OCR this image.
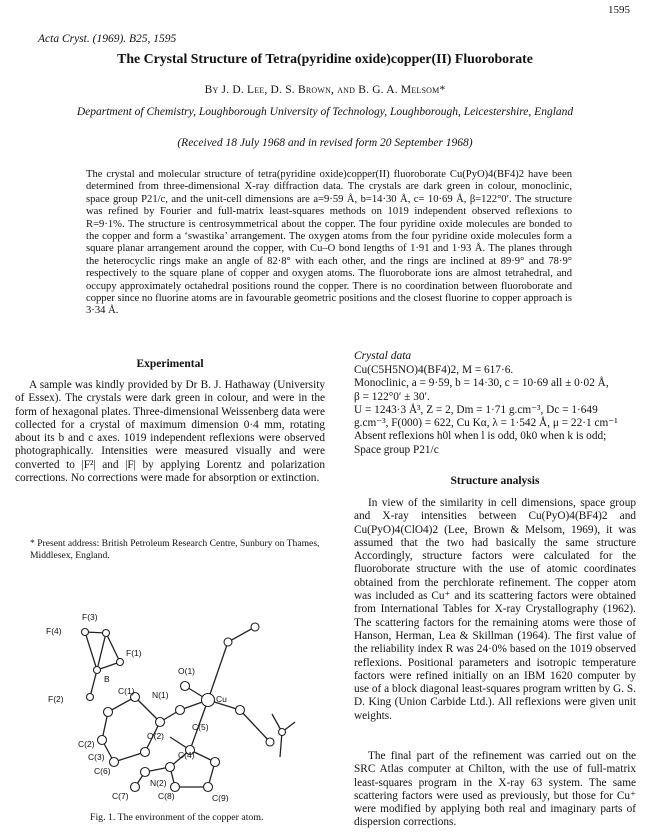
1595
Acta Cryst. (1969). B25, 1595
The Crystal Structure of Tetra(pyridine oxide)copper(II) Fluoroborate
By J. D. Lee, D. S. Brown, and B. G. A. Melsom*
Department of Chemistry, Loughborough University of Technology, Loughborough, Leicestershire, England
(Received 18 July 1968 and in revised form 20 September 1968)
The crystal and molecular structure of tetra(pyridine oxide)copper(II) fluoroborate Cu(PyO)4(BF4)2 have been determined from three-dimensional X-ray diffraction data. The crystals are dark green in colour, monoclinic, space group P21/c, and the unit-cell dimensions are a=9·59 Å, b=14·30 Å, c= 10·69 Å, β=122°0′. The structure was refined by Fourier and full-matrix least-squares methods on 1019 independent observed reflexions to R=9·1%. The structure is centrosymmetrical about the copper. The four pyridine oxide molecules are bonded to the copper and form a ‘swastika’ arrangement. The oxygen atoms from the four pyridine oxide molecules form a square planar arrangement around the copper, with Cu–O bond lengths of 1·91 and 1·93 Å. The planes through the heterocyclic rings make an angle of 82·8° with each other, and the rings are inclined at 89·9° and 78·9° respectively to the square plane of copper and oxygen atoms. The fluoroborate ions are almost tetrahedral, and occupy approximately octahedral positions round the copper. There is no coordination between fluoroborate and copper since no fluorine atoms are in favourable geometric positions and the closest fluorine to copper approach is 3·34 Å.
Experimental
A sample was kindly provided by Dr B. J. Hathaway (University of Essex). The crystals were dark green in colour, and were in the form of hexagonal plates. Three-dimensional Weissenberg data were collected for a crystal of maximum dimension 0·4 mm, rotating about its b and c axes. 1019 independent reflexions were observed photographically. Intensities were measured visually and were converted to |F²| and |F| by applying Lorentz and polarization corrections. No corrections were made for absorption or extinction.
* Present address: British Petroleum Research Centre, Sunbury on Thames, Middlesex, England.
F(4)
F(3)
F(1)
B
F(2)
C(1) N(1)
O(1)
Cu
O(2)
C(2)
C(3)
C(6)
C(4)
C(5)
N(2)
C(7)	C(8)	C(9)
Fig. 1. The environment of the copper atom.
Crystal data
Cu(C5H5NO)4(BF4)2, M = 617·6.
Monoclinic, a = 9·59, b = 14·30, c = 10·69 all ± 0·02 Å,
β = 122°0′ ± 30′.
U = 1243·3 Å³, Z = 2, Dm = 1·71 g.cm⁻³, Dc = 1·649
g.cm⁻³, F(000) = 622, Cu Kα, λ = 1·542 Å, μ = 22·1 cm⁻¹
Absent reflexions h0l when l is odd, 0k0 when k is odd;
Space group P21/c
Structure analysis
In view of the similarity in cell dimensions, space group and X-ray intensities between Cu(PyO)4(BF4)2 and Cu(PyO)4(ClO4)2 (Lee, Brown & Melsom, 1969), it was assumed that the two had basically the same structure Accordingly, structure factors were calculated for the fluoroborate structure with the use of atomic coordinates obtained from the perchlorate refinement. The copper atom was included as Cu⁺ and its scattering factors were obtained from International Tables for X-ray Crystallography (1962). The scattering factors for the remaining atoms were those of Hanson, Herman, Lea & Skillman (1964). The first value of the reliability index R was 24·0% based on the 1019 observed reflexions. Positional parameters and isotropic temperature factors were refined initially on an IBM 1620 computer by use of a block diagonal least-squares program written by G. S. D. King (Union Carbide Ltd.). All reflexions were given unit weights.
The final part of the refinement was carried out on the SRC Atlas computer at Chilton, with the use of full-matrix least-squares program in the X-ray 63 system. The same scattering factors were used as previously, but those for Cu⁺ were modified by applying both real and imaginary parts of dispersion corrections.
